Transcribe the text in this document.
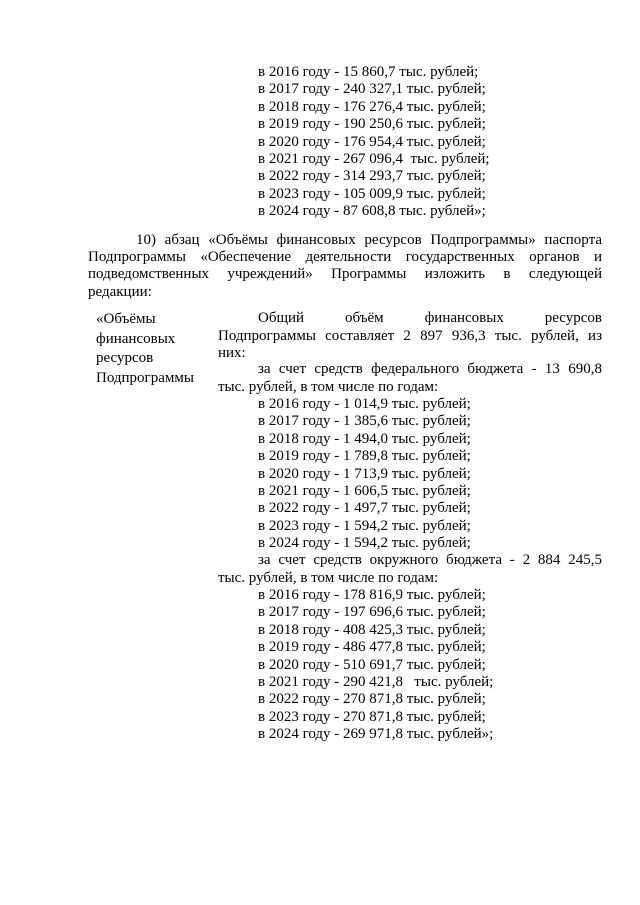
в 2016 году - 15 860,7 тыс. рублей;
в 2017 году - 240 327,1 тыс. рублей;
в 2018 году - 176 276,4 тыс. рублей;
в 2019 году - 190 250,6 тыс. рублей;
в 2020 году - 176 954,4 тыс. рублей;
в 2021 году - 267 096,4  тыс. рублей;
в 2022 году - 314 293,7 тыс. рублей;
в 2023 году - 105 009,9 тыс. рублей;
в 2024 году - 87 608,8 тыс. рублей»;
10) абзац «Объёмы финансовых ресурсов Подпрограммы» паспорта
Подпрограммы «Обеспечение деятельности государственных органов и
подведомственных учреждений» Программы изложить в следующей
редакции:
«Объёмы
финансовых
ресурсов
Подпрограммы
Общий объём финансовых ресурсов
Подпрограммы составляет 2 897 936,3 тыс. рублей, из
них:
за счет средств федерального бюджета - 13 690,8
тыс. рублей, в том числе по годам:
в 2016 году - 1 014,9 тыс. рублей;
в 2017 году - 1 385,6 тыс. рублей;
в 2018 году - 1 494,0 тыс. рублей;
в 2019 году - 1 789,8 тыс. рублей;
в 2020 году - 1 713,9 тыс. рублей;
в 2021 году - 1 606,5 тыс. рублей;
в 2022 году - 1 497,7 тыс. рублей;
в 2023 году - 1 594,2 тыс. рублей;
в 2024 году - 1 594,2 тыс. рублей;
за счет средств окружного бюджета - 2 884 245,5
тыс. рублей, в том числе по годам:
в 2016 году - 178 816,9 тыс. рублей;
в 2017 году - 197 696,6 тыс. рублей;
в 2018 году - 408 425,3 тыс. рублей;
в 2019 году - 486 477,8 тыс. рублей;
в 2020 году - 510 691,7 тыс. рублей;
в 2021 году - 290 421,8   тыс. рублей;
в 2022 году - 270 871,8 тыс. рублей;
в 2023 году - 270 871,8 тыс. рублей;
в 2024 году - 269 971,8 тыс. рублей»;
